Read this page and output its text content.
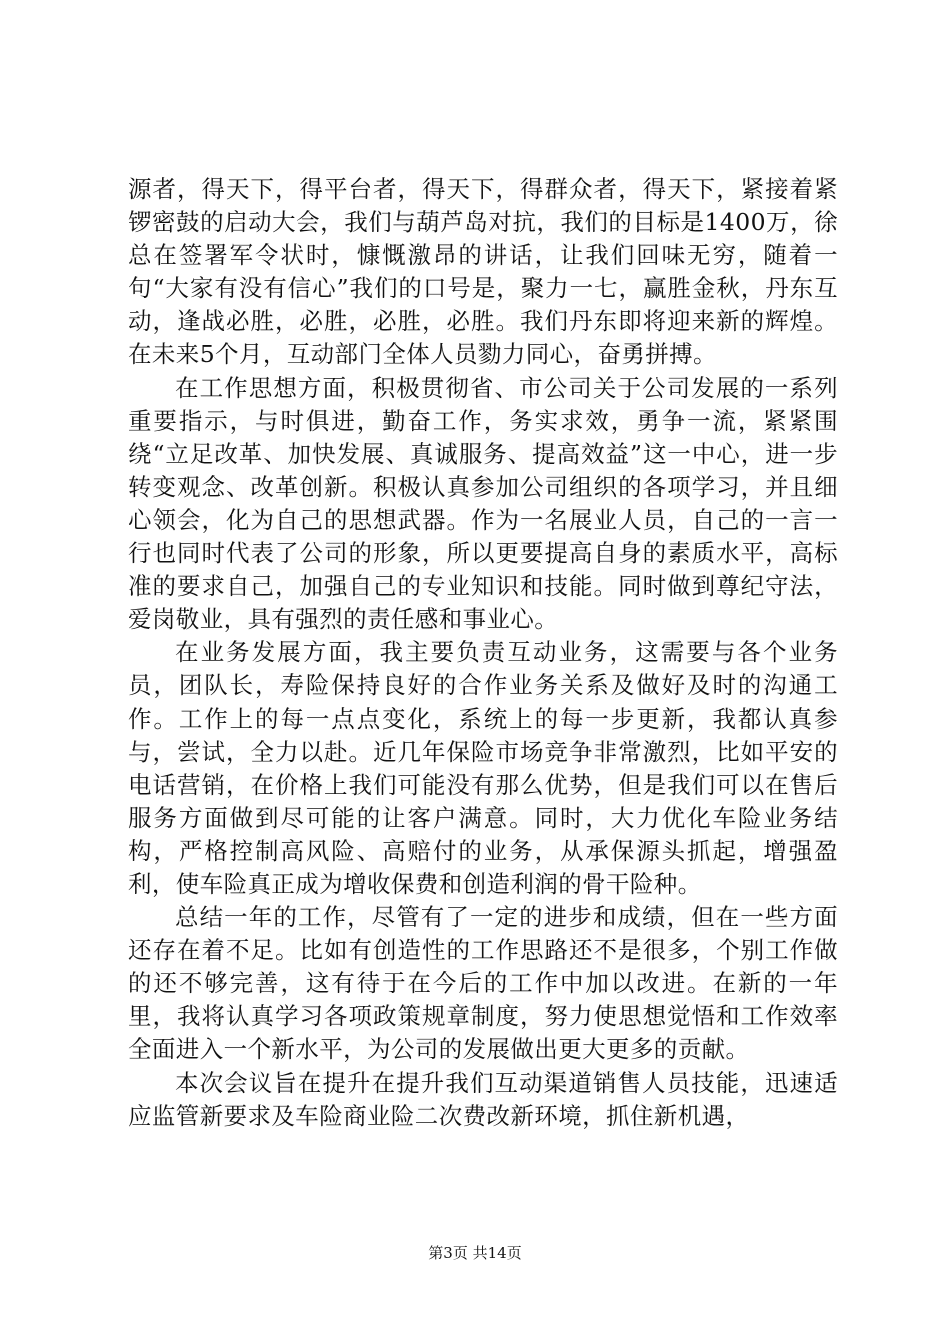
源者，得天下，得平台者，得天下，得群众者，得天下，紧接着紧锣密鼓的启动大会，我们与葫芦岛对抗，我们的目标是1400万，徐总在签署军令状时，慷慨激昂的讲话，让我们回味无穷，随着一句“大家有没有信心”我们的口号是，聚力一七，赢胜金秋，丹东互动，逢战必胜，必胜，必胜，必胜。我们丹东即将迎来新的辉煌。在未来5个月，互动部门全体人员勠力同心，奋勇拼搏。

在工作思想方面，积极贯彻省、市公司关于公司发展的一系列重要指示，与时俱进，勤奋工作，务实求效，勇争一流，紧紧围绕“立足改革、加快发展、真诚服务、提高效益”这一中心，进一步转变观念、改革创新。积极认真参加公司组织的各项学习，并且细心领会，化为自己的思想武器。作为一名展业人员，自己的一言一行也同时代表了公司的形象，所以更要提高自身的素质水平，高标准的要求自己，加强自己的专业知识和技能。同时做到尊纪守法，爱岗敬业，具有强烈的责任感和事业心。

在业务发展方面，我主要负责互动业务，这需要与各个业务员，团队长，寿险保持良好的合作业务关系及做好及时的沟通工作。工作上的每一点点变化，系统上的每一步更新，我都认真参与，尝试，全力以赴。近几年保险市场竞争非常激烈，比如平安的电话营销，在价格上我们可能没有那么优势，但是我们可以在售后服务方面做到尽可能的让客户满意。同时，大力优化车险业务结构，严格控制高风险、高赔付的业务，从承保源头抓起，增强盈利，使车险真正成为增收保费和创造利润的骨干险种。

总结一年的工作，尽管有了一定的进步和成绩，但在一些方面还存在着不足。比如有创造性的工作思路还不是很多，个别工作做的还不够完善，这有待于在今后的工作中加以改进。在新的一年里，我将认真学习各项政策规章制度，努力使思想觉悟和工作效率全面进入一个新水平，为公司的发展做出更大更多的贡献。

本次会议旨在提升在提升我们互动渠道销售人员技能，迅速适应监管新要求及车险商业险二次费改新环境，抓住新机遇，

第3页 共14页
